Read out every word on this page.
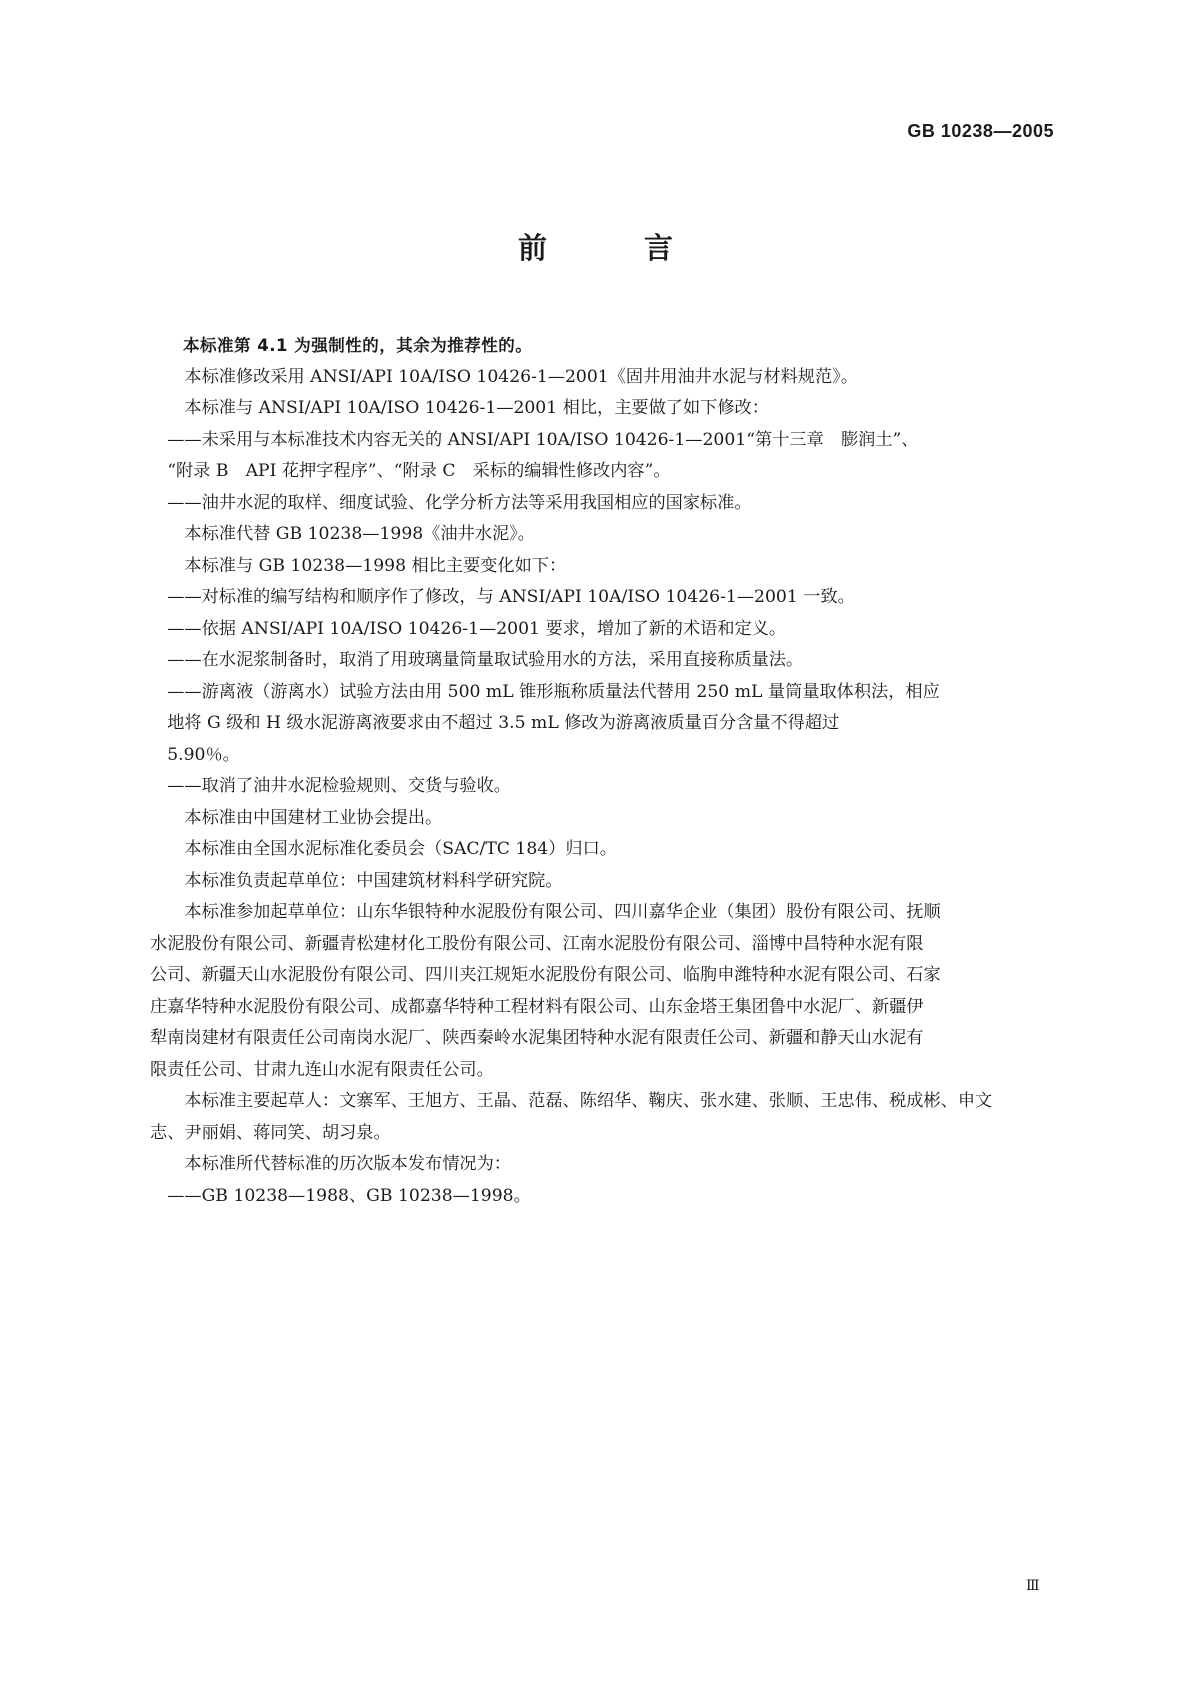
GB 10238—2005
前　言

本标准第 4.1 为强制性的，其余为推荐性的。

本标准修改采用 ANSI/API 10A/ISO 10426-1—2001《固井用油井水泥与材料规范》。

本标准与 ANSI/API 10A/ISO 10426-1—2001 相比，主要做了如下修改：

——未采用与本标准技术内容无关的 ANSI/API 10A/ISO 10426-1—2001“第十三章　膨润土”、
“附录 B　API 花押字程序”、“附录 C　采标的编辑性修改内容”。

——油井水泥的取样、细度试验、化学分析方法等采用我国相应的国家标准。

本标准代替 GB 10238—1998《油井水泥》。

本标准与 GB 10238—1998 相比主要变化如下：

——对标准的编写结构和顺序作了修改，与 ANSI/API 10A/ISO 10426-1—2001 一致。

——依据 ANSI/API 10A/ISO 10426-1—2001 要求，增加了新的术语和定义。

——在水泥浆制备时，取消了用玻璃量筒量取试验用水的方法，采用直接称质量法。

——游离液（游离水）试验方法由用 500 mL 锥形瓶称质量法代替用 250 mL 量筒量取体积法，相应
地将 G 级和 H 级水泥游离液要求由不超过 3.5 mL 修改为游离液质量百分含量不得超过
5.90％。

——取消了油井水泥检验规则、交货与验收。

本标准由中国建材工业协会提出。

本标准由全国水泥标准化委员会（SAC/TC 184）归口。

本标准负责起草单位：中国建筑材料科学研究院。

本标准参加起草单位：山东华银特种水泥股份有限公司、四川嘉华企业（集团）股份有限公司、抚顺
水泥股份有限公司、新疆青松建材化工股份有限公司、江南水泥股份有限公司、淄博中昌特种水泥有限
公司、新疆天山水泥股份有限公司、四川夹江规矩水泥股份有限公司、临朐申潍特种水泥有限公司、石家
庄嘉华特种水泥股份有限公司、成都嘉华特种工程材料有限公司、山东金塔王集团鲁中水泥厂、新疆伊
犁南岗建材有限责任公司南岗水泥厂、陕西秦岭水泥集团特种水泥有限责任公司、新疆和静天山水泥有
限责任公司、甘肃九连山水泥有限责任公司。
本标准主要起草人：文寨军、王旭方、王晶、范磊、陈绍华、鞠庆、张水建、张顺、王忠伟、税成彬、申文
志、尹丽娟、蒋同笑、胡习泉。

本标准所代替标准的历次版本发布情况为：

——GB 10238—1988、GB 10238—1998。

Ⅲ
